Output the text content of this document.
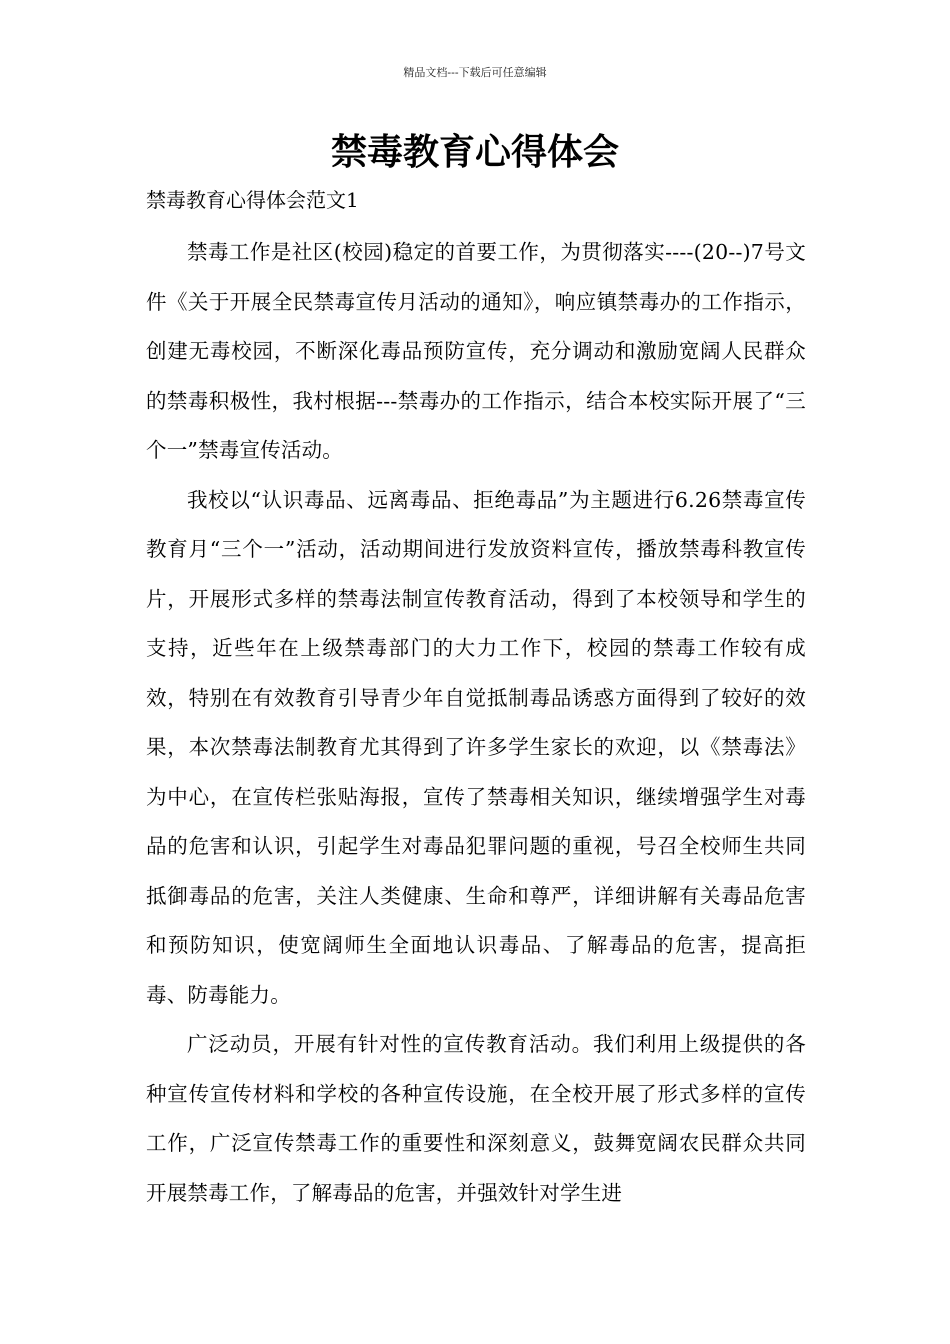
精品文档---下载后可任意编辑
禁毒教育心得体会

禁毒教育心得体会范文1

禁毒工作是社区(校园)稳定的首要工作，为贯彻落实----(20--)7号文件《关于开展全民禁毒宣传月活动的通知》，响应镇禁毒办的工作指示，创建无毒校园，不断深化毒品预防宣传，充分调动和激励宽阔人民群众的禁毒积极性，我村根据---禁毒办的工作指示，结合本校实际开展了“三个一”禁毒宣传活动。

我校以“认识毒品、远离毒品、拒绝毒品”为主题进行6.26禁毒宣传教育月“三个一”活动，活动期间进行发放资料宣传，播放禁毒科教宣传片，开展形式多样的禁毒法制宣传教育活动，得到了本校领导和学生的支持，近些年在上级禁毒部门的大力工作下，校园的禁毒工作较有成效，特别在有效教育引导青少年自觉抵制毒品诱惑方面得到了较好的效果，本次禁毒法制教育尤其得到了许多学生家长的欢迎，以《禁毒法》为中心，在宣传栏张贴海报，宣传了禁毒相关知识，继续增强学生对毒品的危害和认识，引起学生对毒品犯罪问题的重视，号召全校师生共同抵御毒品的危害，关注人类健康、生命和尊严，详细讲解有关毒品危害和预防知识，使宽阔师生全面地认识毒品、了解毒品的危害，提高拒毒、防毒能力。

广泛动员，开展有针对性的宣传教育活动。我们利用上级提供的各种宣传宣传材料和学校的各种宣传设施，在全校开展了形式多样的宣传工作，广泛宣传禁毒工作的重要性和深刻意义，鼓舞宽阔农民群众共同开展禁毒工作，了解毒品的危害，并强效针对学生进
